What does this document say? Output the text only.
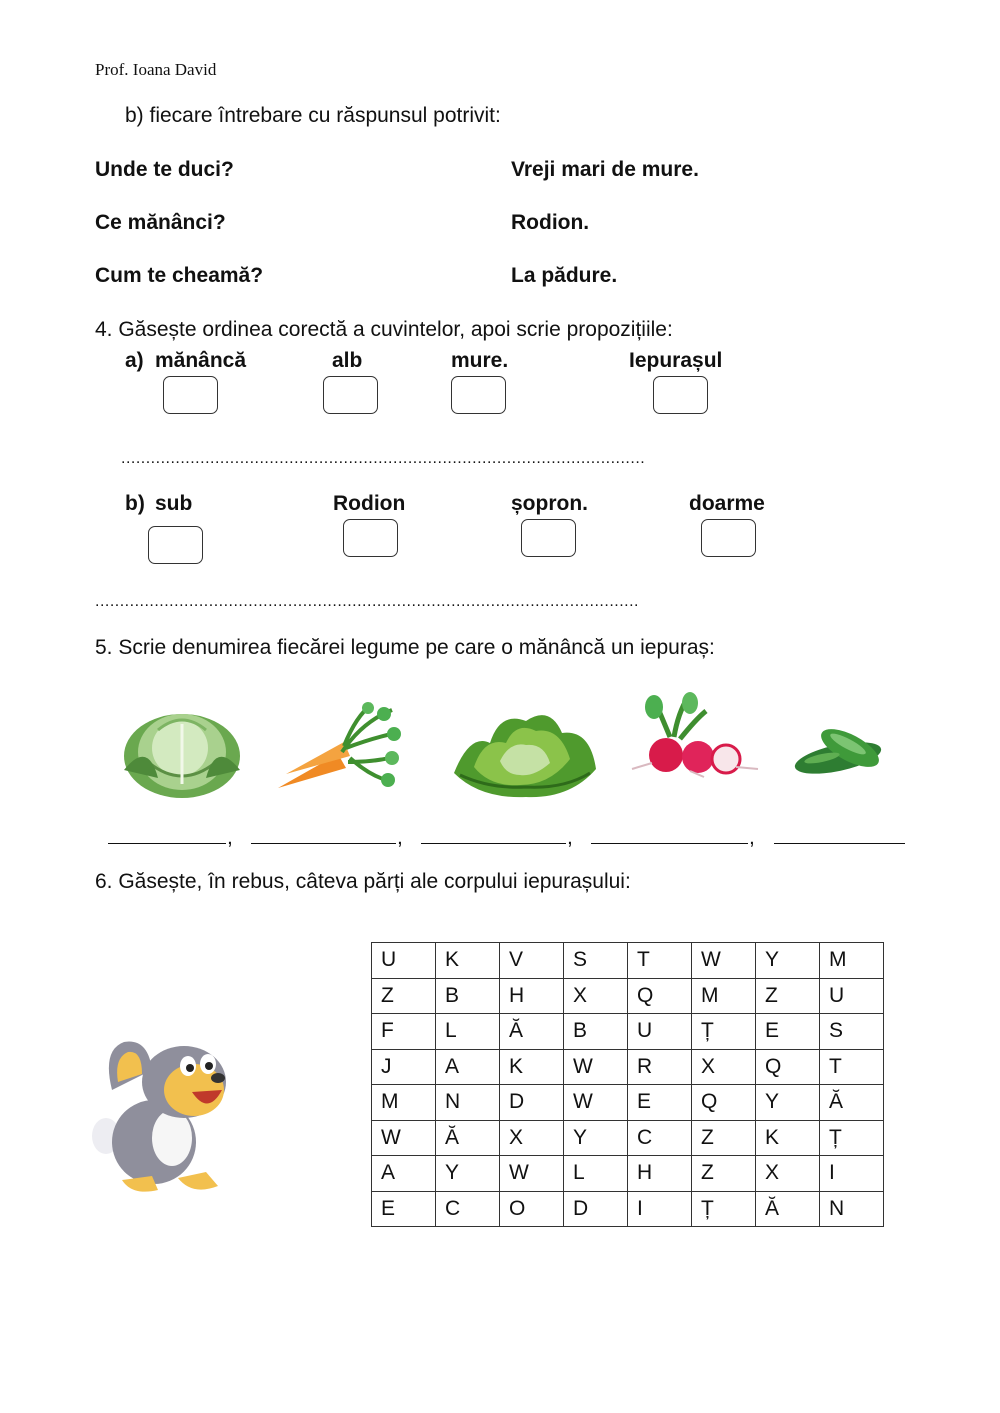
Prof. Ioana David
b) fiecare întrebare cu răspunsul potrivit:
Unde te duci?
Ce mănânci?
Cum te cheamă?
Vreji mari de mure.
Rodion.
La pădure.
4. Găsește ordinea corectă a cuvintelor, apoi scrie propozițiile:
a) mănâncă	alb	mure.	Iepurașul
..........................................................................................................
b) sub	Rodion	șopron.	doarme
..............................................................................................................
5. Scrie denumirea fiecărei legume pe care o mănâncă un iepuraș:
,	,	,	,
6. Găsește, în rebus, câteva părți ale corpului iepurașului:
U	K	V	S	T	W	Y	M
Z	B	H	X	Q	M	Z	U
F	L	Ă	B	U	Ț	E	S
J	A	K	W	R	X	Q	T
M	N	D	W	E	Q	Y	Ă
W	Ă	X	Y	C	Z	K	Ț
A	Y	W	L	H	Z	X	I
E	C	O	D	I	Ț	Ă	N
